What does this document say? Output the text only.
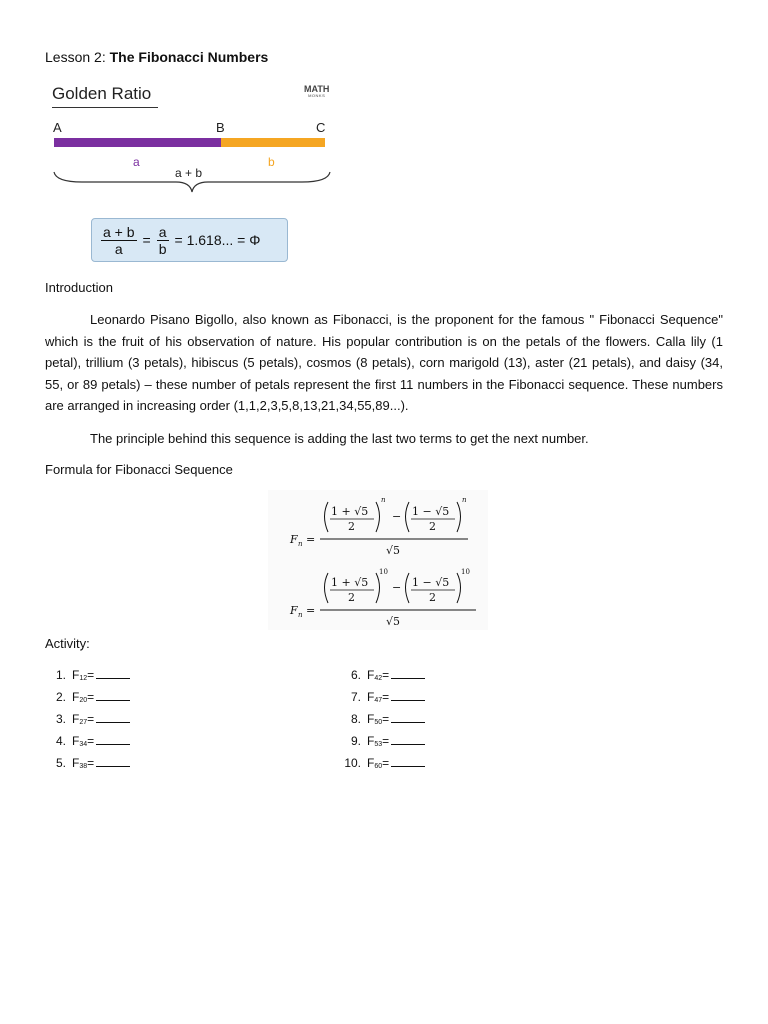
Lesson 2: The Fibonacci Numbers
Golden Ratio	MATH
MONKS
A	B	C
a	b
a + b
$\frac{a + b}{a} = \frac{a}{b} = 1.618$... = Φ
Introduction
Leonardo Pisano Bigollo, also known as Fibonacci, is the proponent for the famous " Fibonacci Sequence" which is the fruit of his observation of nature. His popular contribution is on the petals of the flowers. Calla lily (1 petal), trillium (3 petals), hibiscus (5 petals), cosmos (8 petals), corn marigold (13), aster (21 petals), and daisy (34, 55, or 89 petals) – these number of petals represent the first 11 numbers in the Fibonacci sequence. These numbers are arranged in increasing order (1,1,2,3,5,8,13,21,34,55,89...).
The principle behind this sequence is adding the last two terms to get the next number.
Formula for Fibonacci Sequence
F n =
1 + √5
2
n
− 1 − √5
2
n
√5
F n =
1 + √5
2
10
− 1 − √5
2
10
√5
Activity:
1. $F_{12}=$
2. $F_{20}=$
3. $F_{27}=$
4. $F_{34}=$
5. $F_{38}=$
6. $F_{42}=$
7. $F_{47}=$
8. $F_{50}=$
9. $F_{53}=$
10. $F_{60}=$
